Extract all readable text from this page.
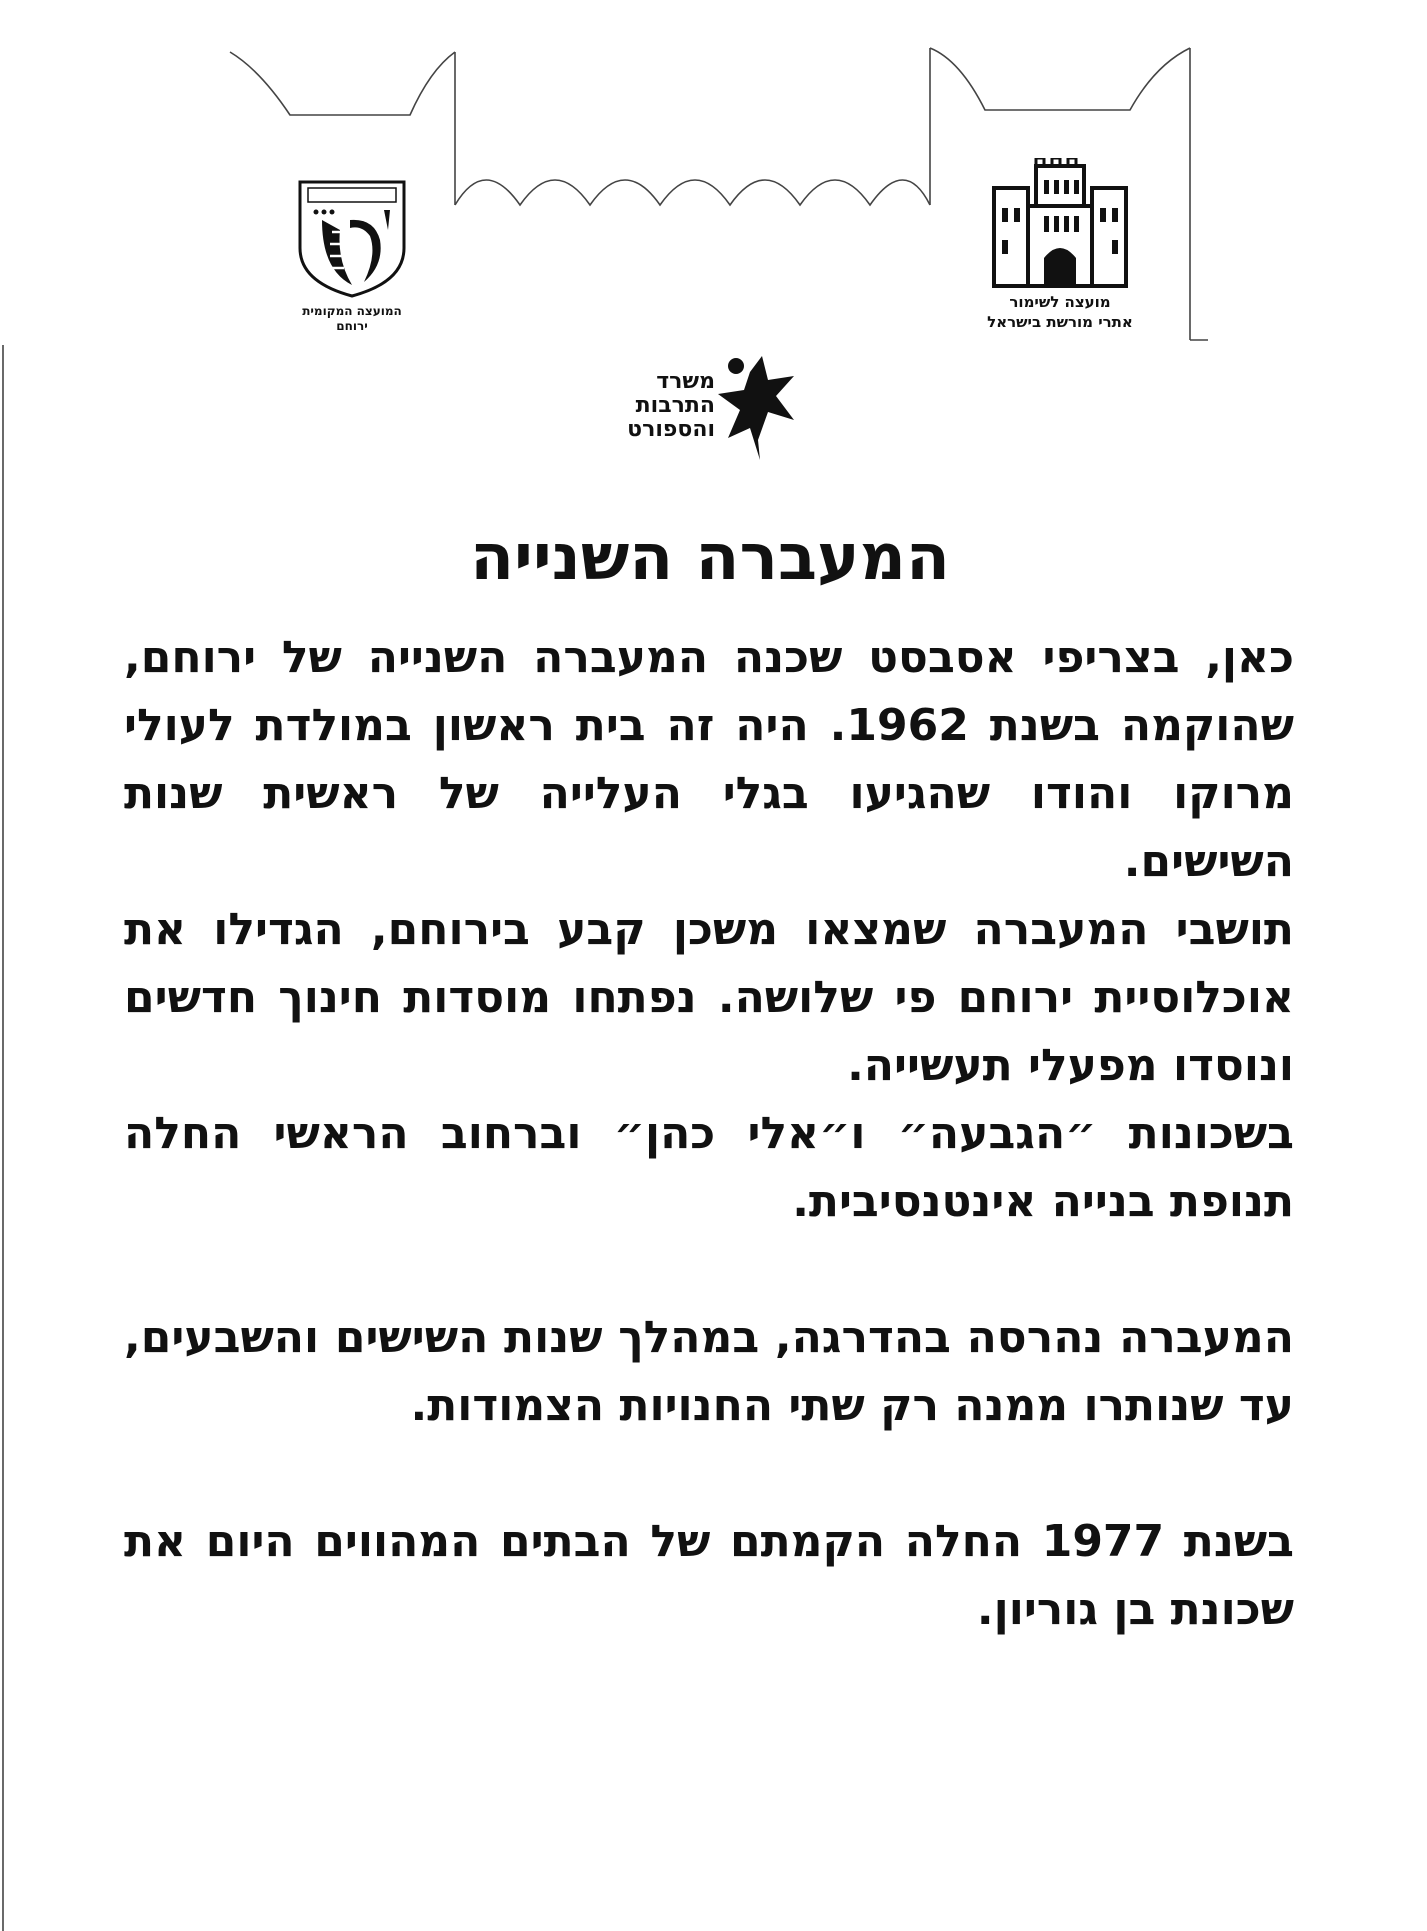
המועצה המקומית
ירוחם
מועצה לשימור
אתרי מורשת בישראל
משרד
התרבות
והספורט
המעברה השנייה

כאן, בצריפי אסבסט שכנה המעברה השנייה של ירוחם, שהוקמה בשנת 1962. היה זה בית ראשון במולדת לעולי מרוקו והודו שהגיעו בגלי העלייה של ראשית שנות השישים.

תושבי המעברה שמצאו משכן קבע בירוחם, הגדילו את אוכלוסיית ירוחם פי שלושה. נפתחו מוסדות חינוך חדשים ונוסדו מפעלי תעשייה.

בשכונות ״הגבעה״ ו״אלי כהן״ וברחוב הראשי החלה תנופת בנייה אינטנסיבית.

המעברה נהרסה בהדרגה, במהלך שנות השישים והשבעים, עד שנותרו ממנה רק שתי החנויות הצמודות.

בשנת 1977 החלה הקמתם של הבתים המהווים היום את שכונת בן גוריון.
